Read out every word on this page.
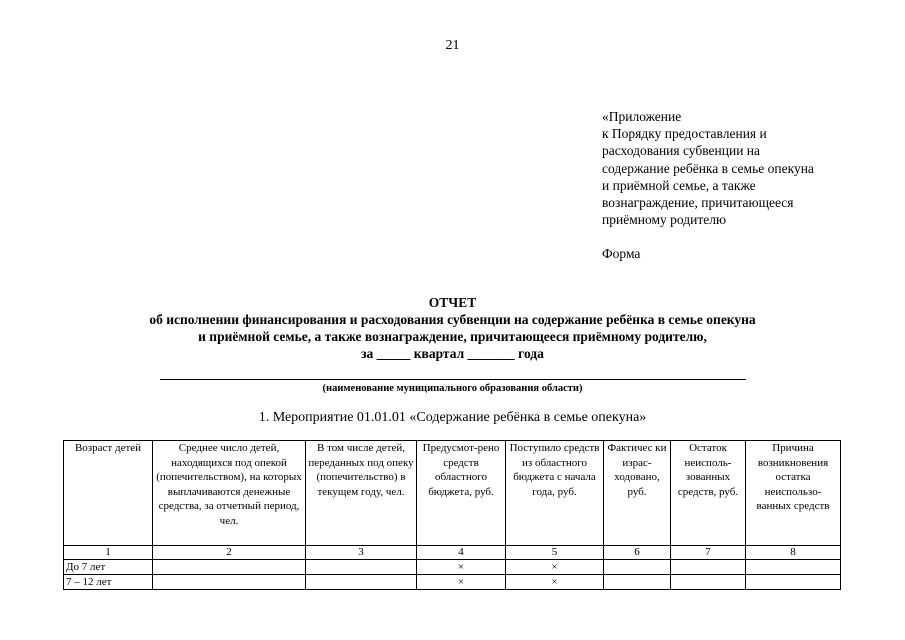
21
«Приложение
к Порядку предоставления и
расходования субвенции на
содержание ребёнка в семье опекуна
и приёмной семье, а также
вознаграждение, причитающееся
приёмному родителю
Форма
ОТЧЕТ
об исполнении финансирования и расходования субвенции на содержание ребёнка в семье опекуна
и приёмной семье, а также вознаграждение, причитающееся приёмному родителю,
за _____ квартал _______ года
(наименование муниципального образования области)
1. Мероприятие 01.01.01 «Содержание ребёнка в семье опекуна»
Возраст детей	Среднее число детей, находящихся под опекой (попечительством), на которых выплачиваются денежные средства, за отчетный период, чел.	В том числе детей, переданных под опеку (попечительство) в текущем году, чел.	Предусмот-рено средств областного бюджета, руб.	Поступило средств из областного бюджета с начала года, руб.	Фактичес ки израс-ходовано, руб.	Остаток неисполь-зованных средств, руб.	Причина возникновения остатка неиспользо-ванных средств
1	2	3	4	5	6	7	8
До 7 лет			×	×			
7 – 12 лет			×	×			
